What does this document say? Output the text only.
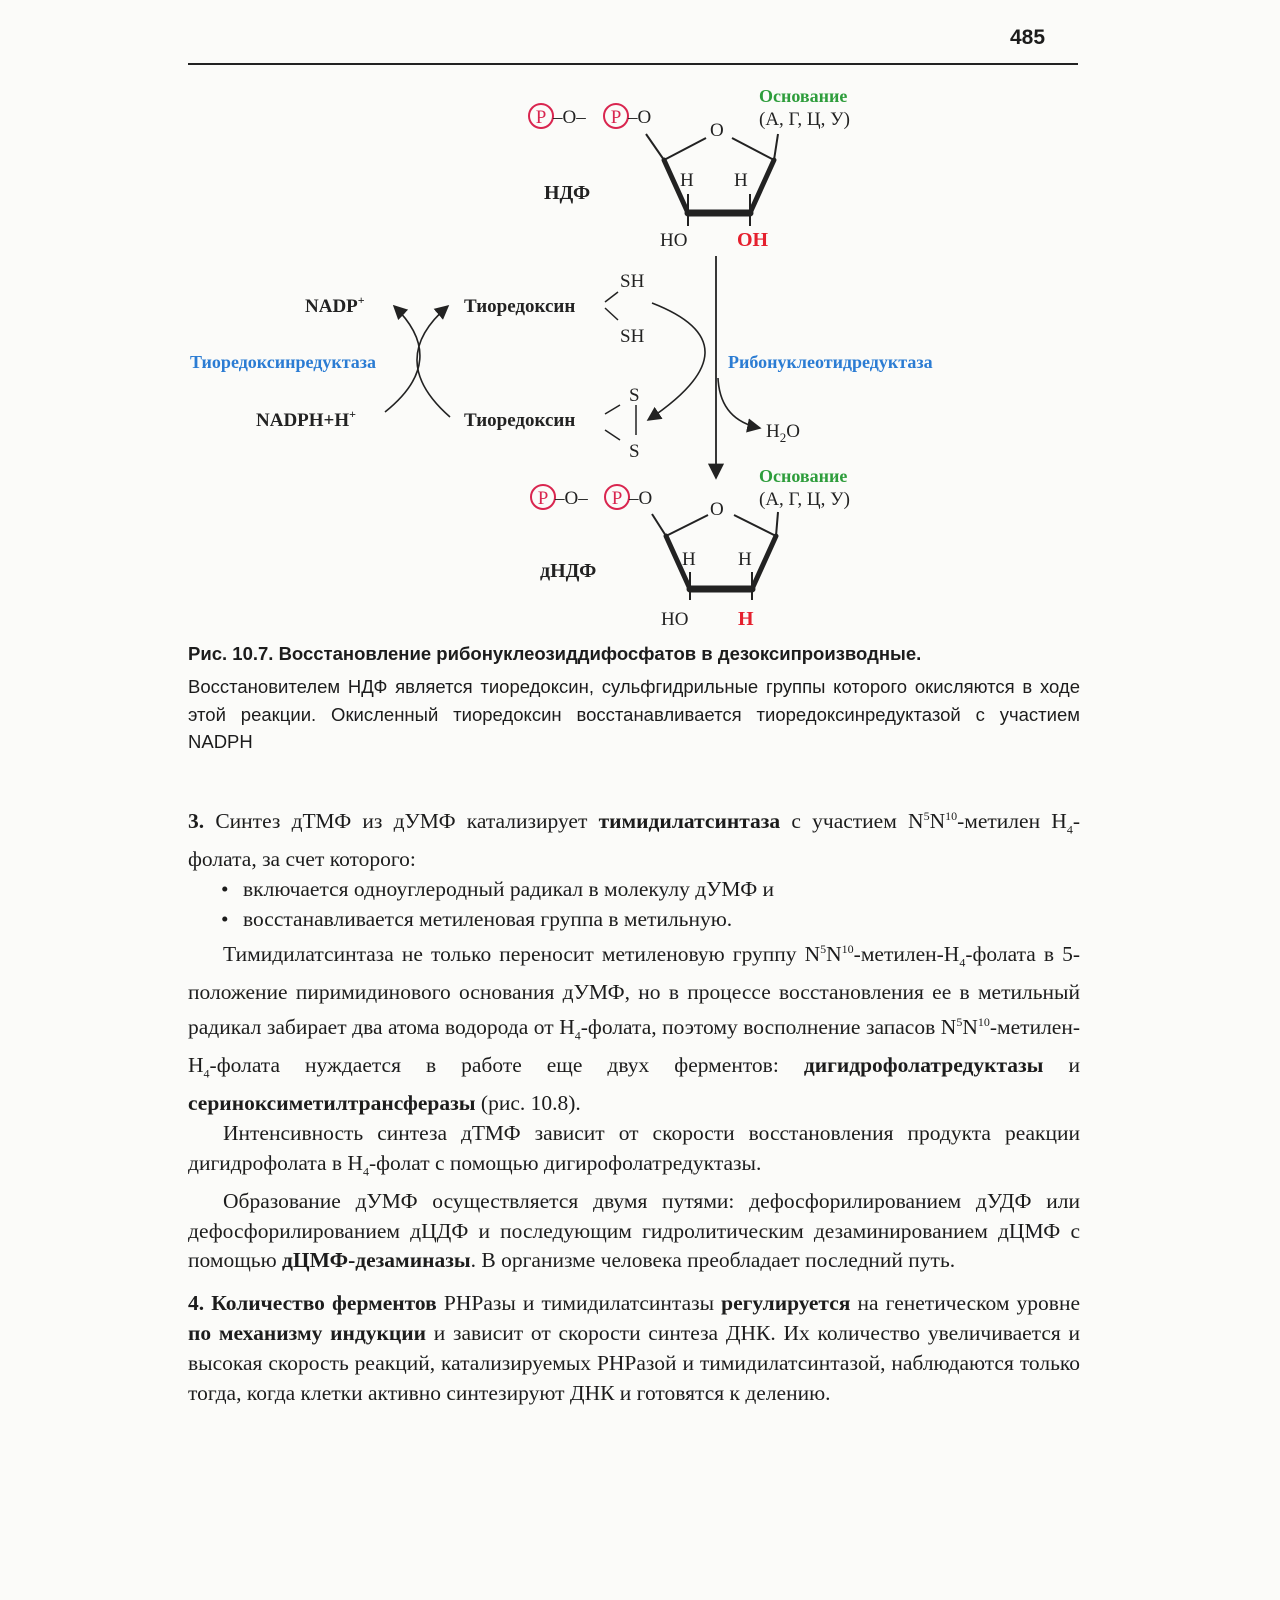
485
P –O– P –O
НДФ
O
H H
HO OH
Основание
(А, Г, Ц, У)
NADP+
NADPH+H+
Тиоредоксинредуктаза
Тиоредоксин
SH
SH
Тиоредоксин
S
S
$H_2O$
Рибонуклеотидредуктаза
P –O– P –O
дНДФ
O
H H
HO H
Основание
(А, Г, Ц, У)
Рис. 10.7. Восстановление рибонуклеозиддифосфатов в дезоксипроизводные.
Восстановителем НДФ является тиоредоксин, сульфгидрильные группы которого окисляются в ходе этой реакции. Окисленный тиоредоксин восстанавливается тиоредоксинредуктазой с участием NADPH

3. Синтез дТМФ из дУМФ катализирует тимидилатсинтаза с участием $N^5N^{10}$-метилен $H_4$-фолата, за счет которого:

• включается одноуглеродный радикал в молекулу дУМФ и
• восстанавливается метиленовая группа в метильную.

Тимидилатсинтаза не только переносит метиленовую группу $N^5N^{10}-метилен-H_4$-фолата в 5-положение пиримидинового основания дУМФ, но в процессе восстановления ее в метильный радикал забирает два атома водорода от $H_4$-фолата, поэтому восполнение запасов $N^5N^{10}-метилен-H_4$-фолата нуждается в работе еще двух ферментов: дигидрофолатредуктазы и сериноксиметилтрансферазы (рис. 10.8).

Интенсивность синтеза дТМФ зависит от скорости восстановления продукта реакции дигидрофолата в $H_4$-фолат с помощью дигирофолатредуктазы.

Образование дУМФ осуществляется двумя путями: дефосфорилированием дУДФ или дефосфорилированием дЦДФ и последующим гидролитическим дезаминированием дЦМФ с помощью дЦМФ-дезаминазы. В организме человека преобладает последний путь.

4. Количество ферментов РНРазы и тимидилатсинтазы регулируется на генетическом уровне по механизму индукции и зависит от скорости синтеза ДНК. Их количество увеличивается и высокая скорость реакций, катализируемых РНРазой и тимидилатсинтазой, наблюдаются только тогда, когда клетки активно синтезируют ДНК и готовятся к делению.
